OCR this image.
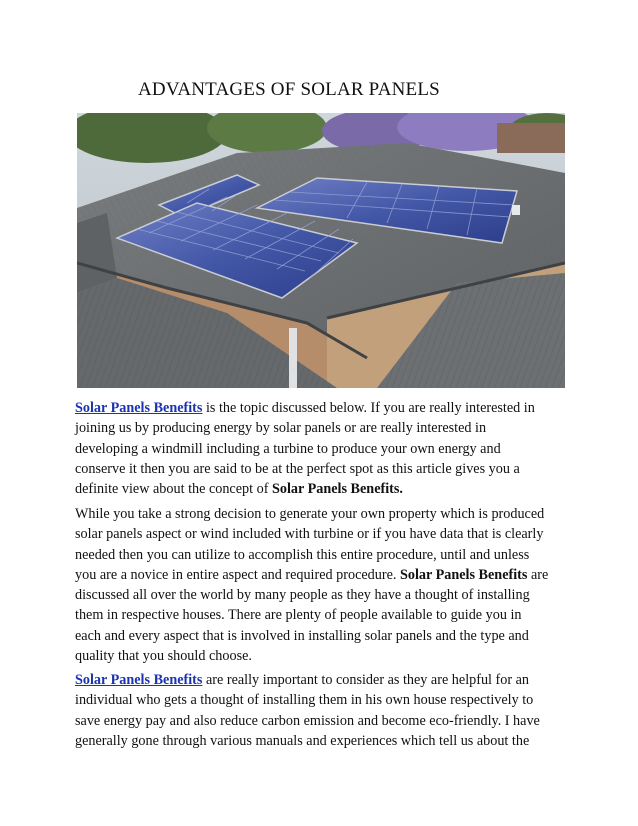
ADVANTAGES OF SOLAR PANELS
Solar Panels Benefits is the topic discussed below. If you are really interested in
joining us by producing energy by solar panels or are really interested in
developing a windmill including a turbine to produce your own energy and
conserve it then you are said to be at the perfect spot as this article gives you a
definite view about the concept of Solar Panels Benefits.
While you take a strong decision to generate your own property which is produced
solar panels aspect or wind included with turbine or if you have data that is clearly
needed then you can utilize to accomplish this entire procedure, until and unless
you are a novice in entire aspect and required procedure. Solar Panels Benefits are
discussed all over the world by many people as they have a thought of installing
them in respective houses. There are plenty of people available to guide you in
each and every aspect that is involved in installing solar panels and the type and
quality that you should choose.
Solar Panels Benefits are really important to consider as they are helpful for an
individual who gets a thought of installing them in his own house respectively to
save energy pay and also reduce carbon emission and become eco-friendly. I have
generally gone through various manuals and experiences which tell us about the
